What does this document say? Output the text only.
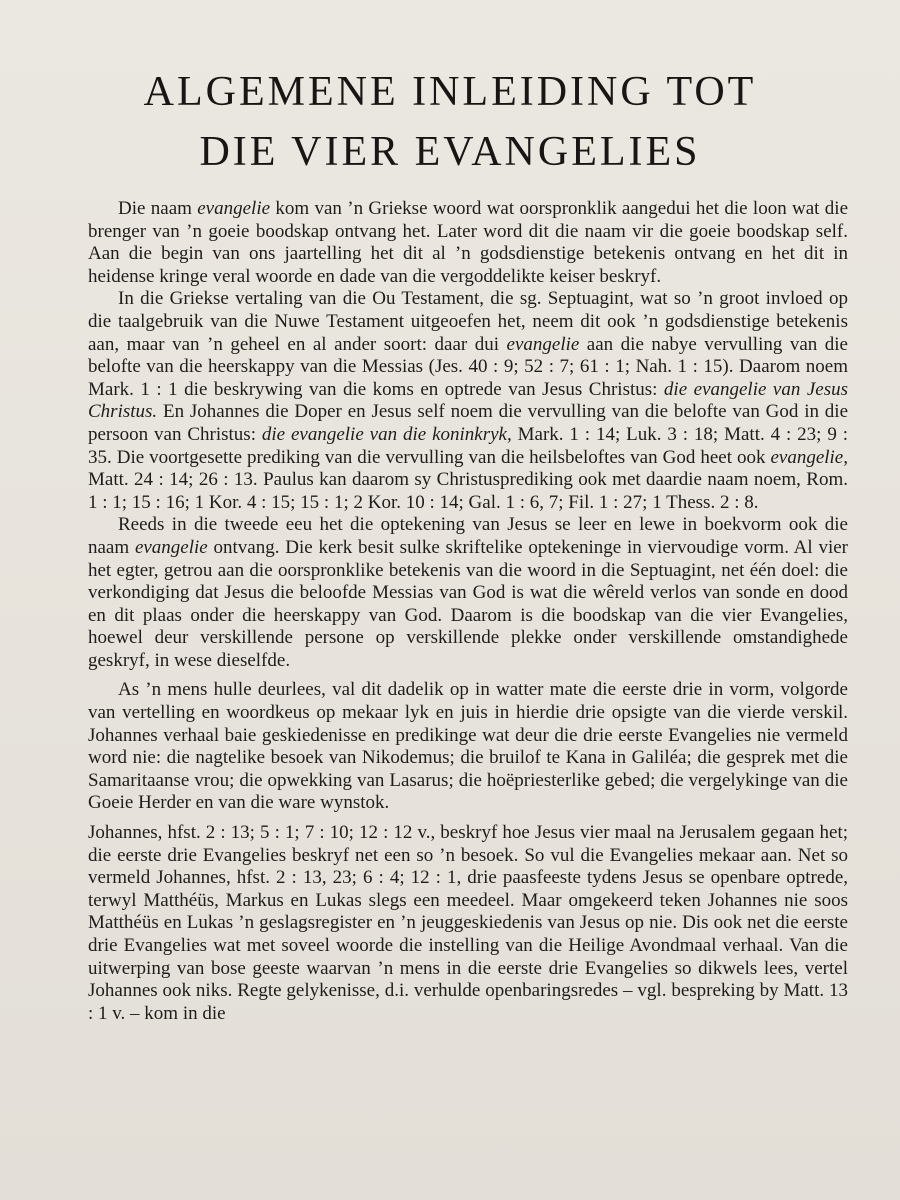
ALGEMENE INLEIDING TOT
DIE VIER EVANGELIES

Die naam evangelie kom van ’n Griekse woord wat oorspronklik aangedui het die loon wat die brenger van ’n goeie boodskap ontvang het. Later word dit die naam vir die goeie boodskap self. Aan die begin van ons jaartelling het dit al ’n godsdienstige betekenis ontvang en het dit in heidense kringe veral woorde en dade van die vergoddelikte keiser beskryf.

In die Griekse vertaling van die Ou Testament, die sg. Septuagint, wat so ’n groot invloed op die taalgebruik van die Nuwe Testament uitgeoefen het, neem dit ook ’n godsdienstige betekenis aan, maar van ’n geheel en al ander soort: daar dui evangelie aan die nabye vervulling van die belofte van die heerskappy van die Messias (Jes. 40 : 9; 52 : 7; 61 : 1; Nah. 1 : 15). Daarom noem Mark. 1 : 1 die beskrywing van die koms en optrede van Jesus Christus: die evangelie van Jesus Christus. En Johannes die Doper en Jesus self noem die vervulling van die belofte van God in die persoon van Christus: die evangelie van die koninkryk, Mark. 1 : 14; Luk. 3 : 18; Matt. 4 : 23; 9 : 35. Die voortgesette prediking van die vervulling van die heilsbeloftes van God heet ook evangelie, Matt. 24 : 14; 26 : 13. Paulus kan daarom sy Christusprediking ook met daardie naam noem, Rom. 1 : 1; 15 : 16; 1 Kor. 4 : 15; 15 : 1; 2 Kor. 10 : 14; Gal. 1 : 6, 7; Fil. 1 : 27; 1 Thess. 2 : 8.

Reeds in die tweede eeu het die optekening van Jesus se leer en lewe in boekvorm ook die naam evangelie ontvang. Die kerk besit sulke skriftelike optekeninge in viervoudige vorm. Al vier het egter, getrou aan die oorspronklike betekenis van die woord in die Septuagint, net één doel: die verkondiging dat Jesus die beloofde Messias van God is wat die wêreld verlos van sonde en dood en dit plaas onder die heerskappy van God. Daarom is die boodskap van die vier Evangelies, hoewel deur verskillende persone op verskillende plekke onder verskillende omstandighede geskryf, in wese dieselfde.

As ’n mens hulle deurlees, val dit dadelik op in watter mate die eerste drie in vorm, volgorde van vertelling en woordkeus op mekaar lyk en juis in hierdie drie opsigte van die vierde verskil. Johannes verhaal baie geskiedenisse en predikinge wat deur die drie eerste Evangelies nie vermeld word nie: die nagtelike besoek van Nikodemus; die bruilof te Kana in Galiléa; die gesprek met die Samaritaanse vrou; die opwekking van Lasarus; die hoëpriesterlike gebed; die vergelykinge van die Goeie Herder en van die ware wynstok.

Johannes, hfst. 2 : 13; 5 : 1; 7 : 10; 12 : 12 v., beskryf hoe Jesus vier maal na Jerusalem gegaan het; die eerste drie Evangelies beskryf net een so ’n besoek. So vul die Evangelies mekaar aan. Net so vermeld Johannes, hfst. 2 : 13, 23; 6 : 4; 12 : 1, drie paasfeeste tydens Jesus se openbare optrede, terwyl Matthéüs, Markus en Lukas slegs een meedeel. Maar omgekeerd teken Johannes nie soos Matthéüs en Lukas ’n geslagsregister en ’n jeuggeskiedenis van Jesus op nie. Dis ook net die eerste drie Evangelies wat met soveel woorde die instelling van die Heilige Avondmaal verhaal. Van die uitwerping van bose geeste waarvan ’n mens in die eerste drie Evangelies so dikwels lees, vertel Johannes ook niks. Regte gelykenisse, d.i. verhulde openbaringsredes – vgl. bespreking by Matt. 13 : 1 v. – kom in die
